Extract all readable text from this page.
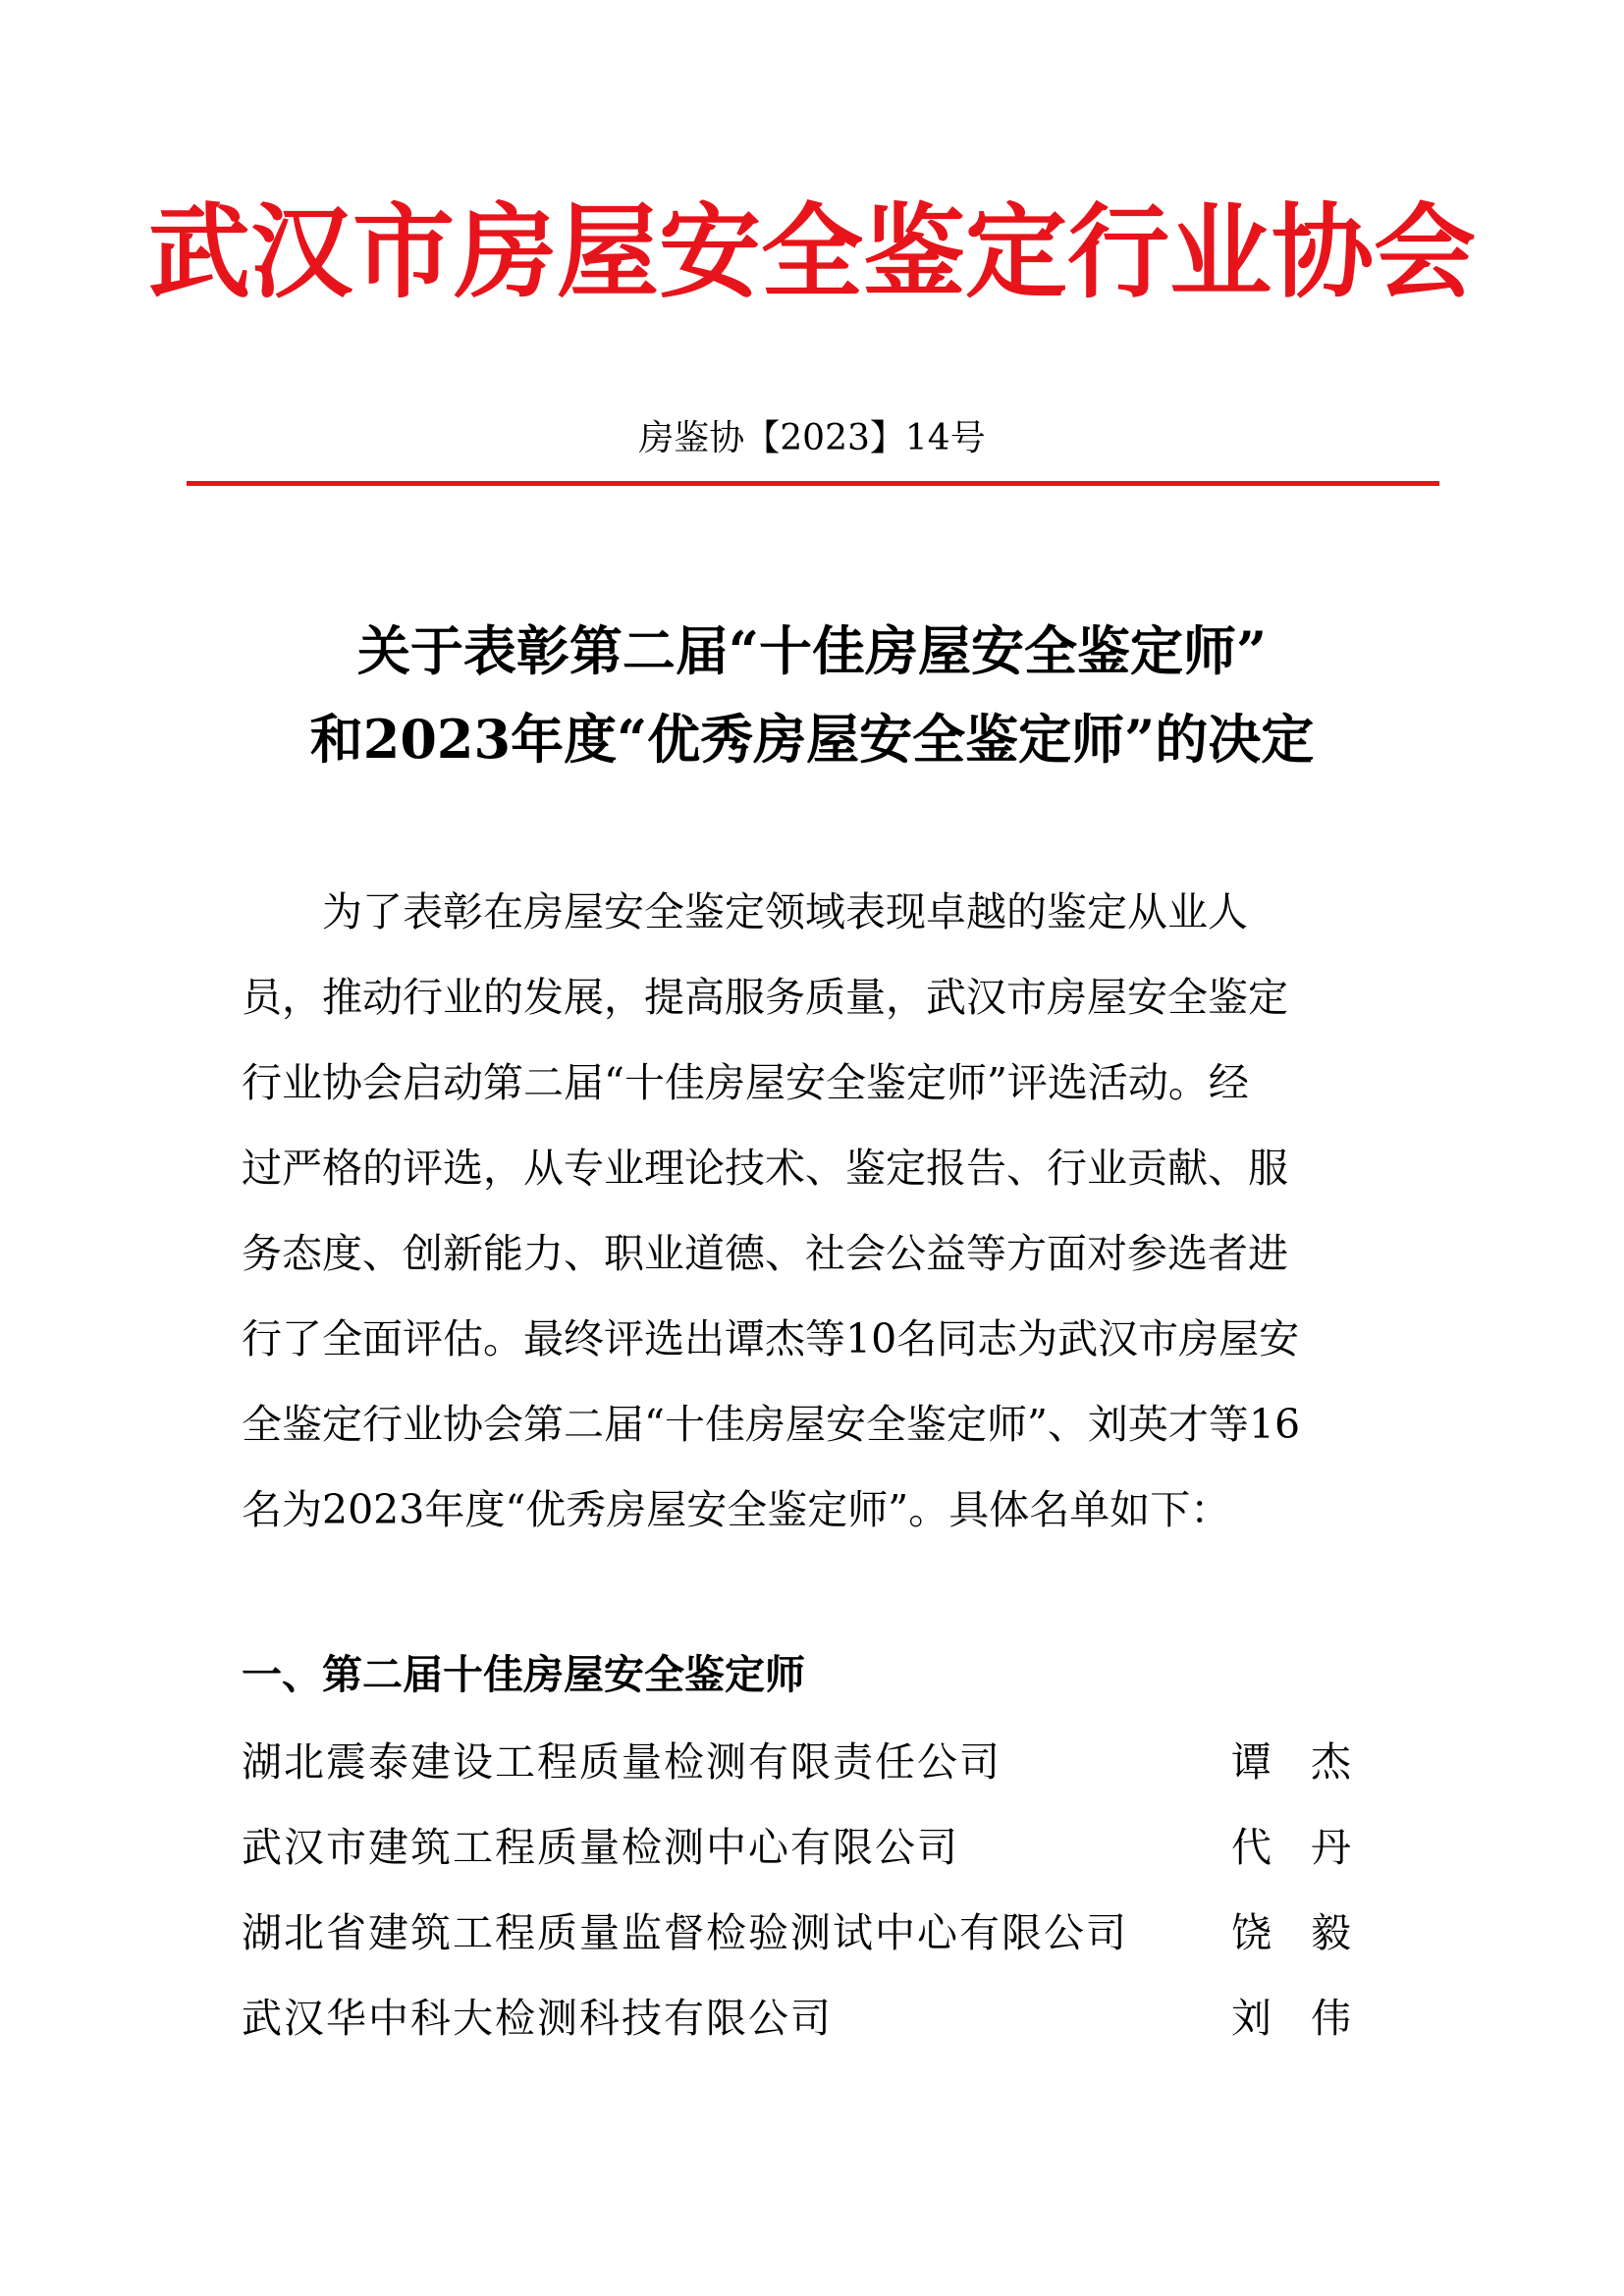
武汉市房屋安全鉴定行业协会
房鉴协【2023】14号
关于表彰第二届“十佳房屋安全鉴定师”
和2023年度“优秀房屋安全鉴定师”的决定
为了表彰在房屋安全鉴定领域表现卓越的鉴定从业人
员，推动行业的发展，提高服务质量，武汉市房屋安全鉴定
行业协会启动第二届“十佳房屋安全鉴定师”评选活动。经
过严格的评选，从专业理论技术、鉴定报告、行业贡献、服
务态度、创新能力、职业道德、社会公益等方面对参选者进
行了全面评估。最终评选出谭杰等10名同志为武汉市房屋安
全鉴定行业协会第二届“十佳房屋安全鉴定师”、刘英才等16
名为2023年度“优秀房屋安全鉴定师”。具体名单如下：
一、第二届十佳房屋安全鉴定师
湖北震泰建设工程质量检测有限责任公司	谭杰
武汉市建筑工程质量检测中心有限公司	代丹
湖北省建筑工程质量监督检验测试中心有限公司	饶毅
武汉华中科大检测科技有限公司	刘伟
